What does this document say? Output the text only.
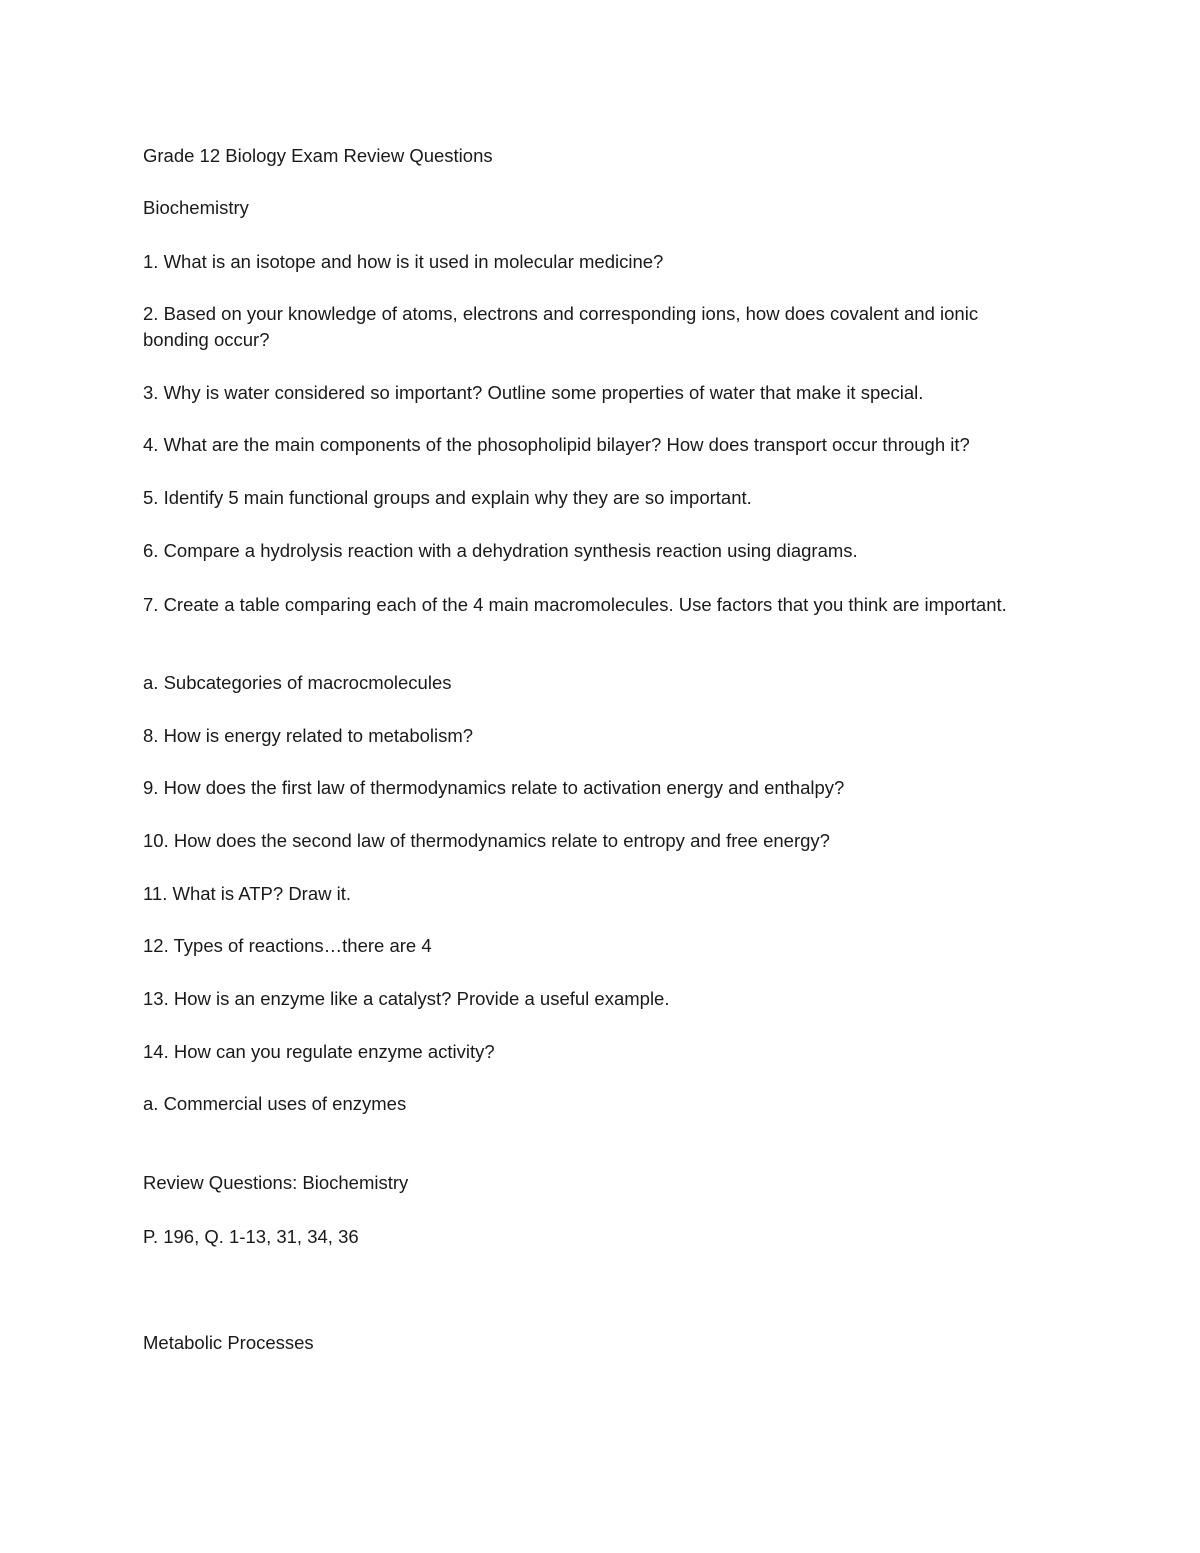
Grade 12 Biology Exam Review Questions
Biochemistry
1. What is an isotope and how is it used in molecular medicine?
2. Based on your knowledge of atoms, electrons and corresponding ions, how does covalent and ionic bonding occur?
3. Why is water considered so important? Outline some properties of water that make it special.
4. What are the main components of the phosopholipid bilayer? How does transport occur through it?
5. Identify 5 main functional groups and explain why they are so important.
6. Compare a hydrolysis reaction with a dehydration synthesis reaction using diagrams.
7. Create a table comparing each of the 4 main macromolecules. Use factors that you think are important.
a. Subcategories of macrocmolecules
8. How is energy related to metabolism?
9. How does the first law of thermodynamics relate to activation energy and enthalpy?
10. How does the second law of thermodynamics relate to entropy and free energy?
11. What is ATP? Draw it.
12. Types of reactions…there are 4
13. How is an enzyme like a catalyst? Provide a useful example.
14. How can you regulate enzyme activity?
a. Commercial uses of enzymes
Review Questions: Biochemistry
P. 196, Q. 1-13, 31, 34, 36
Metabolic Processes
